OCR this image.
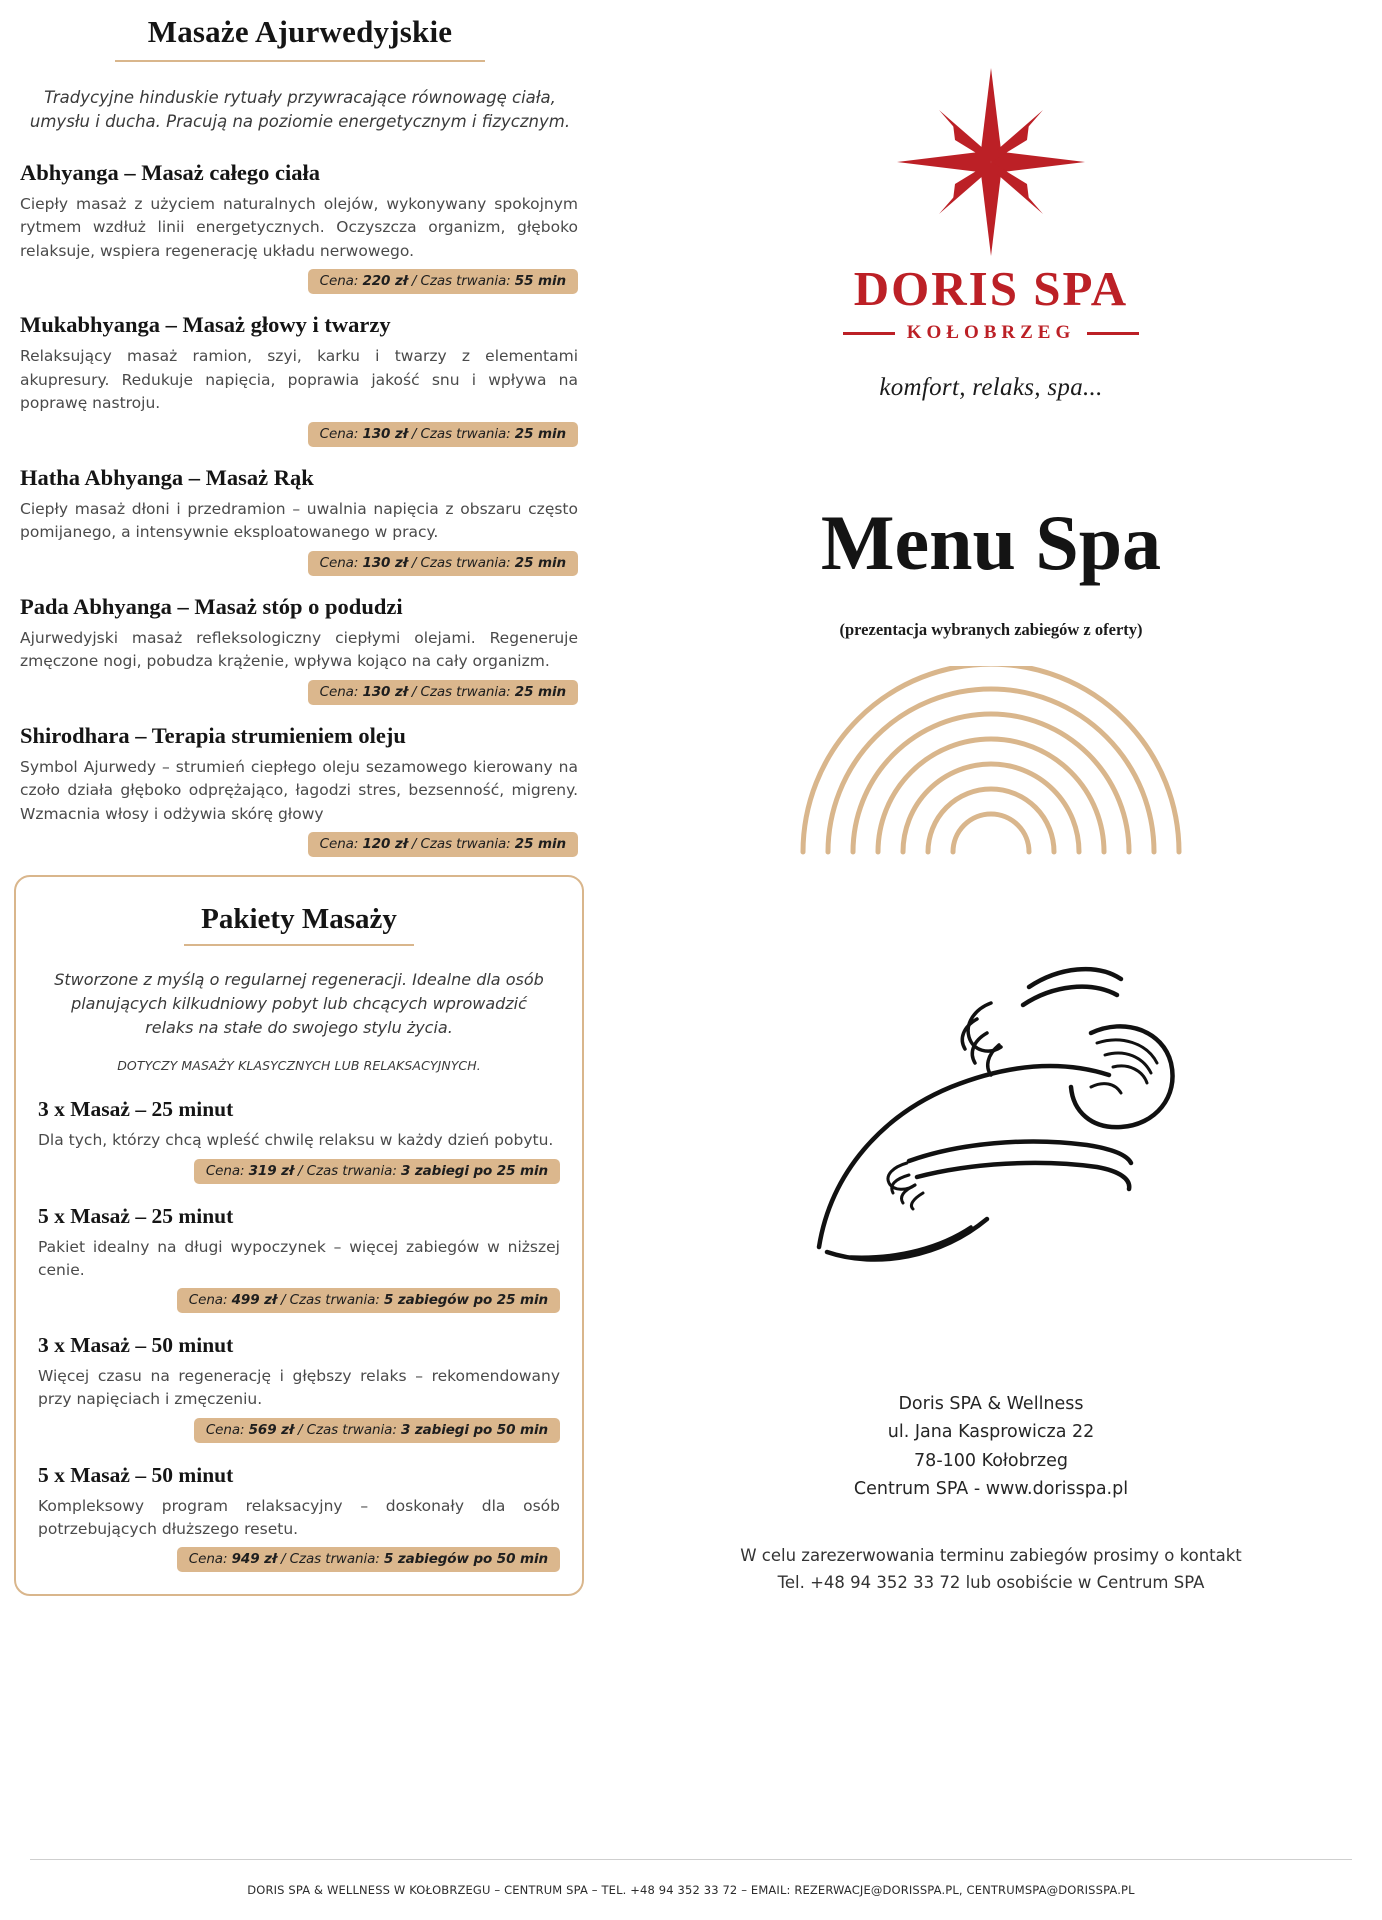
Masaże Ajurwedyjskie

Tradycyjne hinduskie rytuały przywracające równowagę ciała, umysłu i ducha. Pracują na poziomie energetycznym i fizycznym.

Abhyanga – Masaż całego ciała

Ciepły masaż z użyciem naturalnych olejów, wykonywany spokojnym rytmem wzdłuż linii energetycznych. Oczyszcza organizm, głęboko relaksuje, wspiera regenerację układu nerwowego.

Cena: 220 zł / Czas trwania: 55 min
Mukabhyanga – Masaż głowy i twarzy

Relaksujący masaż ramion, szyi, karku i twarzy z elementami akupresury. Redukuje napięcia, poprawia jakość snu i wpływa na poprawę nastroju.

Cena: 130 zł / Czas trwania: 25 min
Hatha Abhyanga – Masaż Rąk

Ciepły masaż dłoni i przedramion – uwalnia napięcia z obszaru często pomijanego, a intensywnie eksploatowanego w pracy.

Cena: 130 zł / Czas trwania: 25 min
Pada Abhyanga – Masaż stóp o podudzi

Ajurwedyjski masaż refleksologiczny ciepłymi olejami. Regeneruje zmęczone nogi, pobudza krążenie, wpływa kojąco na cały organizm.

Cena: 130 zł / Czas trwania: 25 min
Shirodhara – Terapia strumieniem oleju

Symbol Ajurwedy – strumień ciepłego oleju sezamowego kierowany na czoło działa głęboko odprężająco, łagodzi stres, bezsenność, migreny. Wzmacnia włosy i odżywia skórę głowy

Cena: 120 zł / Czas trwania: 25 min
Pakiety Masaży

Stworzone z myślą o regularnej regeneracji. Idealne dla osób planujących kilkudniowy pobyt lub chcących wprowadzić relaks na stałe do swojego stylu życia.

DOTYCZY MASAŻY KLASYCZNYCH LUB RELAKSACYJNYCH.

3 x Masaż – 25 minut

Dla tych, którzy chcą wpleść chwilę relaksu w każdy dzień pobytu.

Cena: 319 zł / Czas trwania: 3 zabiegi po 25 min
5 x Masaż – 25 minut

Pakiet idealny na długi wypoczynek – więcej zabiegów w niższej cenie.

Cena: 499 zł / Czas trwania: 5 zabiegów po 25 min
3 x Masaż – 50 minut

Więcej czasu na regenerację i głębszy relaks – rekomendowany przy napięciach i zmęczeniu.

Cena: 569 zł / Czas trwania: 3 zabiegi po 50 min
5 x Masaż – 50 minut

Kompleksowy program relaksacyjny – doskonały dla osób potrzebujących dłuższego resetu.

Cena: 949 zł / Czas trwania: 5 zabiegów po 50 min
DORIS SPA
KOŁOBRZEG
komfort, relaks, spa...
Menu Spa
(prezentacja wybranych zabiegów z oferty)
Doris SPA & Wellness
ul. Jana Kasprowicza 22
78-100 Kołobrzeg
Centrum SPA - www.dorisspa.pl
W celu zarezerwowania terminu zabiegów prosimy o kontakt
Tel. +48 94 352 33 72 lub osobiście w Centrum SPA
DORIS SPA & WELLNESS W KOŁOBRZEGU – CENTRUM SPA – TEL. +48 94 352 33 72 – EMAIL: REZERWACJE@DORISSPA.PL, CENTRUMSPA@DORISSPA.PL
